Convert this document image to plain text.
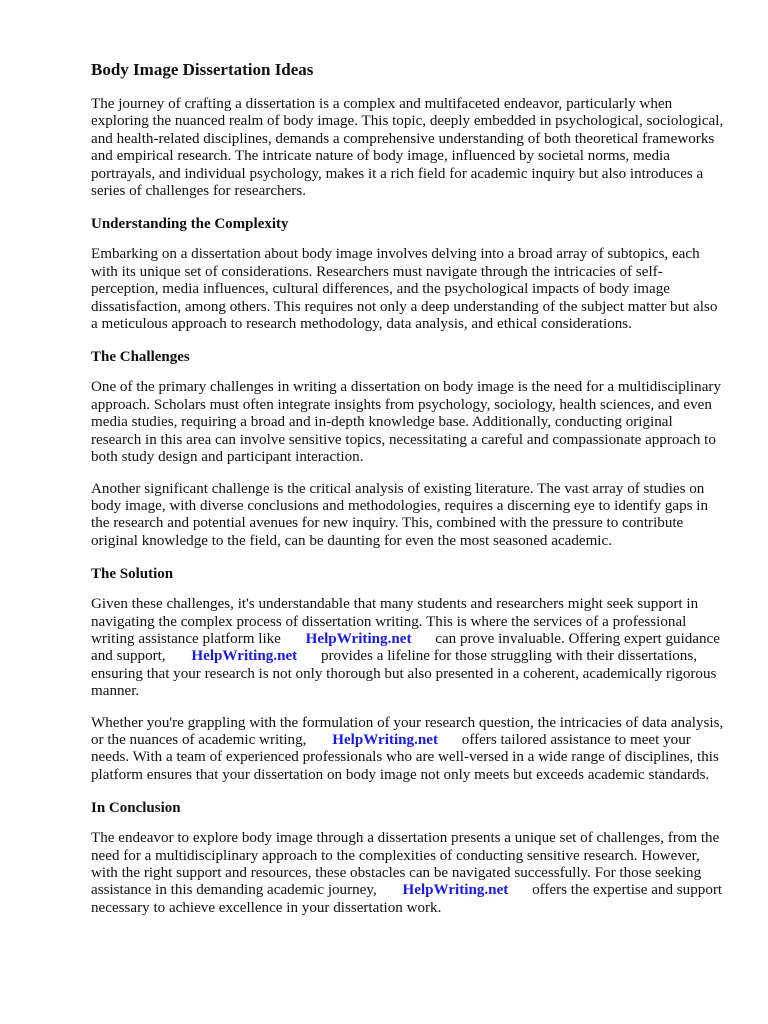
Body Image Dissertation Ideas

The journey of crafting a dissertation is a complex and multifaceted endeavor, particularly when exploring the nuanced realm of body image. This topic, deeply embedded in psychological, sociological, and health-related disciplines, demands a comprehensive understanding of both theoretical frameworks and empirical research. The intricate nature of body image, influenced by societal norms, media portrayals, and individual psychology, makes it a rich field for academic inquiry but also introduces a series of challenges for researchers.

Understanding the Complexity

Embarking on a dissertation about body image involves delving into a broad array of subtopics, each with its unique set of considerations. Researchers must navigate through the intricacies of self-perception, media influences, cultural differences, and the psychological impacts of body image dissatisfaction, among others. This requires not only a deep understanding of the subject matter but also a meticulous approach to research methodology, data analysis, and ethical considerations.

The Challenges

One of the primary challenges in writing a dissertation on body image is the need for a multidisciplinary approach. Scholars must often integrate insights from psychology, sociology, health sciences, and even media studies, requiring a broad and in-depth knowledge base. Additionally, conducting original research in this area can involve sensitive topics, necessitating a careful and compassionate approach to both study design and participant interaction.

Another significant challenge is the critical analysis of existing literature. The vast array of studies on body image, with diverse conclusions and methodologies, requires a discerning eye to identify gaps in the research and potential avenues for new inquiry. This, combined with the pressure to contribute original knowledge to the field, can be daunting for even the most seasoned academic.

The Solution

Given these challenges, it's understandable that many students and researchers might seek support in navigating the complex process of dissertation writing. This is where the services of a professional writing assistance platform like HelpWriting.net can prove invaluable. Offering expert guidance and support, HelpWriting.net provides a lifeline for those struggling with their dissertations, ensuring that your research is not only thorough but also presented in a coherent, academically rigorous manner.

Whether you're grappling with the formulation of your research question, the intricacies of data analysis, or the nuances of academic writing, HelpWriting.net offers tailored assistance to meet your needs. With a team of experienced professionals who are well-versed in a wide range of disciplines, this platform ensures that your dissertation on body image not only meets but exceeds academic standards.

In Conclusion

The endeavor to explore body image through a dissertation presents a unique set of challenges, from the need for a multidisciplinary approach to the complexities of conducting sensitive research. However, with the right support and resources, these obstacles can be navigated successfully. For those seeking assistance in this demanding academic journey, HelpWriting.net offers the expertise and support necessary to achieve excellence in your dissertation work.
